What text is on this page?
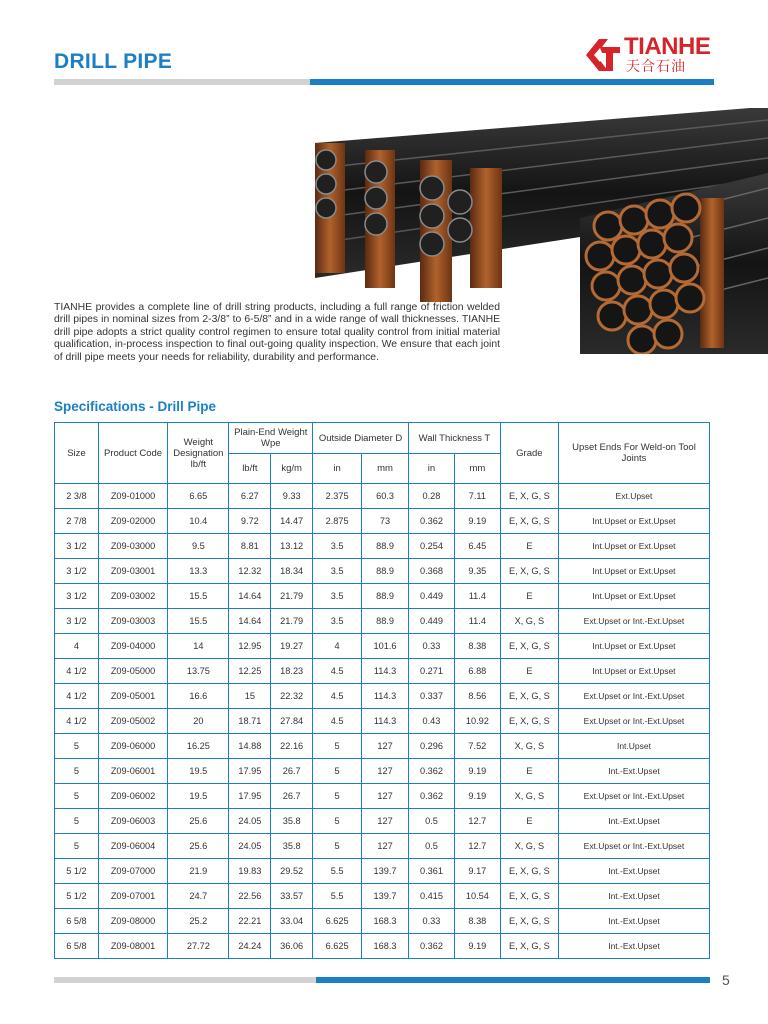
DRILL PIPE
TIANHE
天合石油

TIANHE provides a complete line of drill string products, including a full range of friction welded drill pipes in nominal sizes from 2-3/8” to 6-5/8” and in a wide range of wall thicknesses. TIANHE drill pipe adopts a strict quality control regimen to ensure total quality control from initial material qualification, in-process inspection to final out-going quality inspection. We ensure that each joint of drill pipe meets your needs for reliability, durability and performance.

Specifications - Drill Pipe
Size	Product Code	Weight Designation lb/ft	Plain-End Weight Wpe		Outside Diameter D		Wall Thickness T		Grade	Upset Ends For Weld-on Tool Joints
			lb/ft	kg/m	in	mm	in	mm		
2 3/8	Z09-01000	6.65	6.27	9.33	2.375	60.3	0.28	7.11	E, X, G, S	Ext.Upset
2 7/8	Z09-02000	10.4	9.72	14.47	2.875	73	0.362	9.19	E, X, G, S	Int.Upset or Ext.Upset
3 1/2	Z09-03000	9.5	8.81	13.12	3.5	88.9	0.254	6.45	E	Int.Upset or Ext.Upset
3 1/2	Z09-03001	13.3	12.32	18.34	3.5	88.9	0.368	9.35	E, X, G, S	Int.Upset or Ext.Upset
3 1/2	Z09-03002	15.5	14.64	21.79	3.5	88.9	0.449	11.4	E	Int.Upset or Ext.Upset
3 1/2	Z09-03003	15.5	14.64	21.79	3.5	88.9	0.449	11.4	X, G, S	Ext.Upset or Int.-Ext.Upset
4	Z09-04000	14	12.95	19.27	4	101.6	0.33	8.38	E, X, G, S	Int.Upset or Ext.Upset
4 1/2	Z09-05000	13.75	12.25	18.23	4.5	114.3	0.271	6.88	E	Int.Upset or Ext.Upset
4 1/2	Z09-05001	16.6	15	22.32	4.5	114.3	0.337	8.56	E, X, G, S	Ext.Upset or Int.-Ext.Upset
4 1/2	Z09-05002	20	18.71	27.84	4.5	114.3	0.43	10.92	E, X, G, S	Ext.Upset or Int.-Ext.Upset
5	Z09-06000	16.25	14.88	22.16	5	127	0.296	7.52	X, G, S	Int.Upset
5	Z09-06001	19.5	17.95	26.7	5	127	0.362	9.19	E	Int.-Ext.Upset
5	Z09-06002	19.5	17.95	26.7	5	127	0.362	9.19	X, G, S	Ext.Upset or Int.-Ext.Upset
5	Z09-06003	25.6	24.05	35.8	5	127	0.5	12.7	E	Int.-Ext.Upset
5	Z09-06004	25.6	24.05	35.8	5	127	0.5	12.7	X, G, S	Ext.Upset or Int.-Ext.Upset
5 1/2	Z09-07000	21.9	19.83	29.52	5.5	139.7	0.361	9.17	E, X, G, S	Int.-Ext.Upset
5 1/2	Z09-07001	24.7	22.56	33.57	5.5	139.7	0.415	10.54	E, X, G, S	Int.-Ext.Upset
6 5/8	Z09-08000	25.2	22.21	33.04	6.625	168.3	0.33	8.38	E, X, G, S	Int.-Ext.Upset
6 5/8	Z09-08001	27.72	24.24	36.06	6.625	168.3	0.362	9.19	E, X, G, S	Int.-Ext.Upset
5
